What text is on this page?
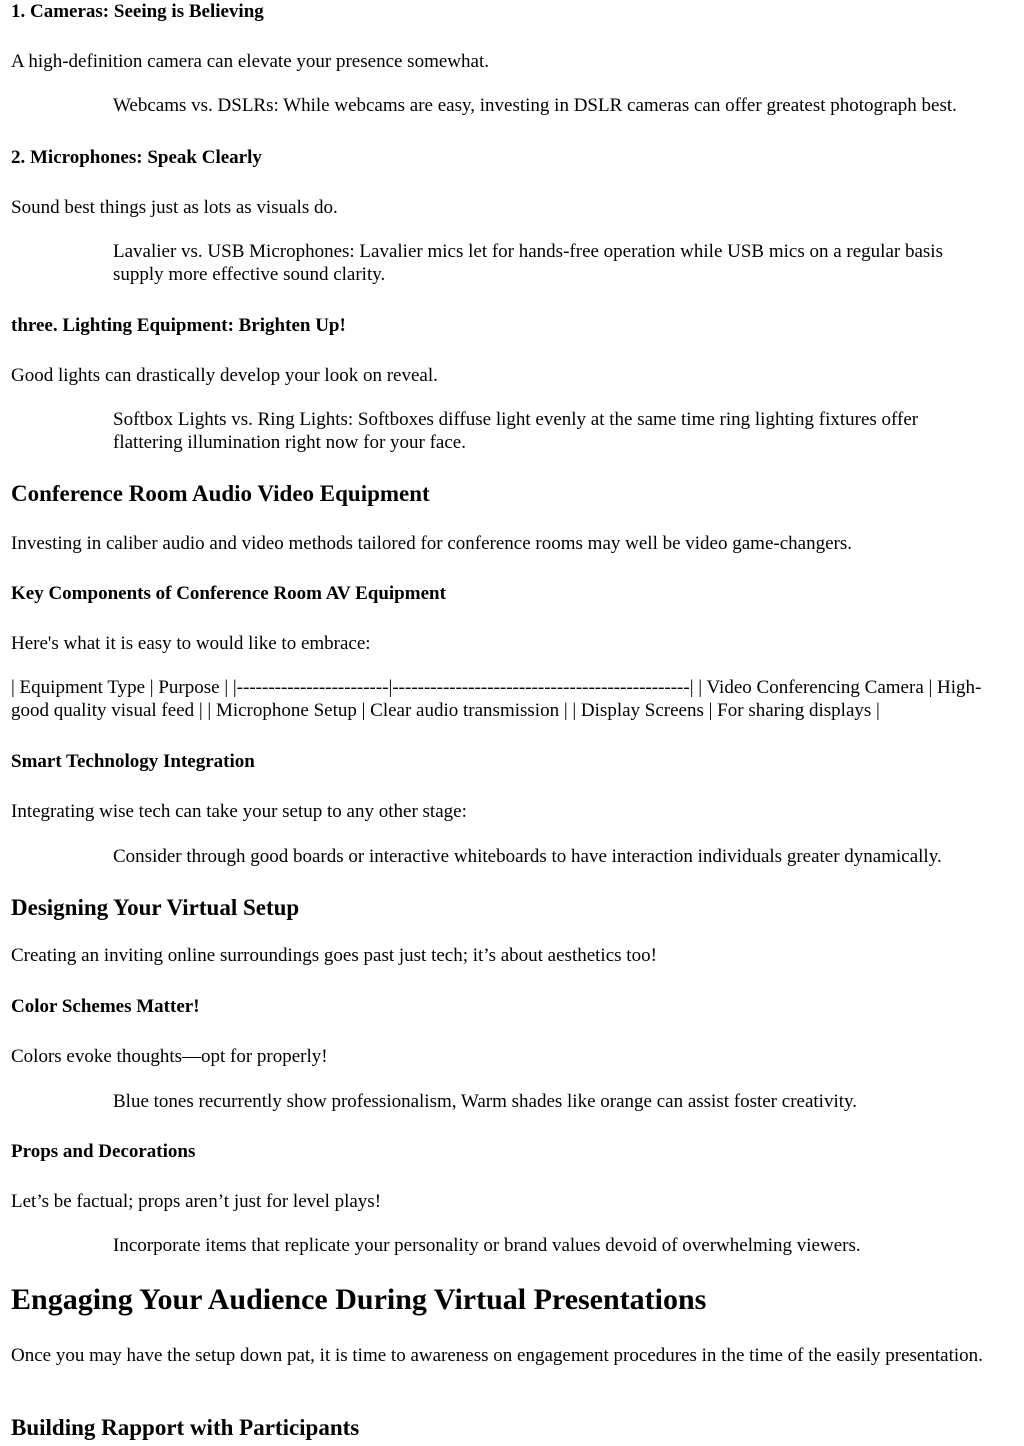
1. Cameras: Seeing is Believing

A high-definition camera can elevate your presence somewhat.

Webcams vs. DSLRs: While webcams are easy, investing in DSLR cameras can offer greatest photograph best.
2. Microphones: Speak Clearly

Sound best things just as lots as visuals do.

Lavalier vs. USB Microphones: Lavalier mics let for hands-free operation while USB mics on a regular basis supply more effective sound clarity.
three. Lighting Equipment: Brighten Up!

Good lights can drastically develop your look on reveal.

Softbox Lights vs. Ring Lights: Softboxes diffuse light evenly at the same time ring lighting fixtures offer flattering illumination right now for your face.
Conference Room Audio Video Equipment

Investing in caliber audio and video methods tailored for conference rooms may well be video game-changers.

Key Components of Conference Room AV Equipment

Here's what it is easy to would like to embrace:

| Equipment Type | Purpose | |------------------------|-----------------------------------------------| | Video Conferencing Camera | High-good quality visual feed | | Microphone Setup | Clear audio transmission | | Display Screens | For sharing displays |

Smart Technology Integration

Integrating wise tech can take your setup to any other stage:

Consider through good boards or interactive whiteboards to have interaction individuals greater dynamically.
Designing Your Virtual Setup

Creating an inviting online surroundings goes past just tech; it’s about aesthetics too!

Color Schemes Matter!

Colors evoke thoughts—opt for properly!

Blue tones recurrently show professionalism, Warm shades like orange can assist foster creativity.
Props and Decorations

Let’s be factual; props aren’t just for level plays!

Incorporate items that replicate your personality or brand values devoid of overwhelming viewers.
Engaging Your Audience During Virtual Presentations

Once you may have the setup down pat, it is time to awareness on engagement procedures in the time of the easily presentation.

Building Rapport with Participants
